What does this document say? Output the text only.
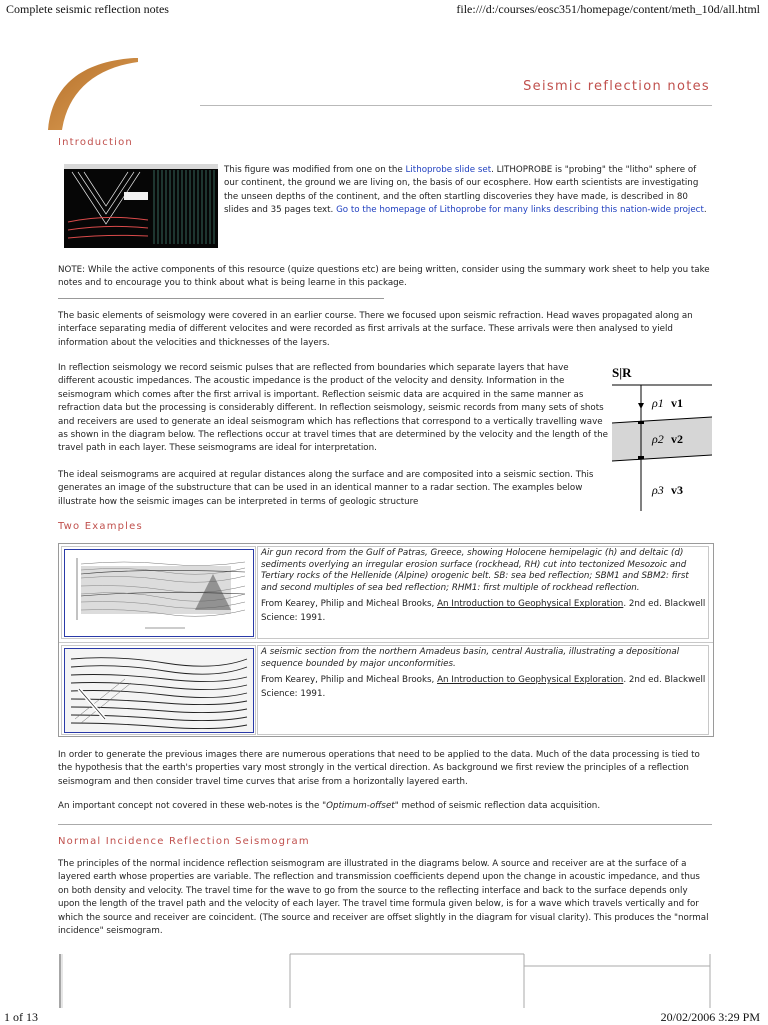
Complete seismic reflection notes	file:///d:/courses/eosc351/homepage/content/meth_10d/all.html
1 of 13	20/02/2006 3:29 PM
Seismic reflection notes
Introduction
This figure was modified from one on the Lithoprobe slide set. LITHOPROBE is "probing" the "litho" sphere of our continent, the ground we are living on, the basis of our ecosphere. How earth scientists are investigating the unseen depths of the continent, and the often startling discoveries they have made, is described in 80 slides and 35 pages text. Go to the homepage of Lithoprobe for many links describing this nation-wide project.
NOTE: While the active components of this resource (quize questions etc) are being written, consider using the summary work sheet to help you take notes and to encourage you to think about what is being learne in this package.
The basic elements of seismology were covered in an earlier course. There we focused upon seismic refraction. Head waves propagated along an interface separating media of different velocites and were recorded as first arrivals at the surface. These arrivals were then analysed to yield information about the velocities and thicknesses of the layers.
In reflection seismology we record seismic pulses that are reflected from boundaries which separate layers that have different acoustic impedances. The acoustic impedance is the product of the velocity and density. Information in the seismogram which comes after the first arrival is important. Reflection seismic data are acquired in the same manner as refraction data but the processing is considerably different. In reflection seismology, seismic records from many sets of shots and receivers are used to generate an ideal seismogram which has reflections that correspond to a vertically travelling wave as shown in the diagram below. The reflections occur at travel times that are determined by the velocity and the length of the travel path in each layer. These seismograms are ideal for interpretation.
The ideal seismograms are acquired at regular distances along the surface and are composited into a seismic section. This generates an image of the substructure that can be used in an identical manner to a radar section. The examples below illustrate how the seismic images can be interpreted in terms of geologic structure
S|R
ρ1 v1
ρ2 v2
ρ3 v3
Two Examples
Air gun record from the Gulf of Patras, Greece, showing Holocene hemipelagic (h) and deltaic (d) sediments overlying an irregular erosion surface (rockhead, RH) cut into tectonized Mesozoic and Tertiary rocks of the Hellenide (Alpine) orogenic belt. SB: sea bed reflection; SBM1 and SBM2: first and second multiples of sea bed reflection; RHM1: first multiple of rockhead reflection.
From Kearey, Philip and Micheal Brooks, An Introduction to Geophysical Exploration. 2nd ed. Blackwell Science: 1991.
A seismic section from the northern Amadeus basin, central Australia, illustrating a depositional sequence bounded by major unconformities.
From Kearey, Philip and Micheal Brooks, An Introduction to Geophysical Exploration. 2nd ed. Blackwell Science: 1991.
In order to generate the previous images there are numerous operations that need to be applied to the data. Much of the data processing is tied to the hypothesis that the earth's properties vary most strongly in the vertical direction. As background we first review the principles of a reflection seismogram and then consider travel time curves that arise from a horizontally layered earth.
An important concept not covered in these web-notes is the "Optimum-offset" method of seismic reflection data acquisition.
Normal Incidence Reflection Seismogram
The principles of the normal incidence reflection seismogram are illustrated in the diagrams below. A source and receiver are at the surface of a layered earth whose properties are variable. The reflection and transmission coefficients depend upon the change in acoustic impedance, and thus on both density and velocity. The travel time for the wave to go from the source to the reflecting interface and back to the surface depends only upon the length of the travel path and the velocity of each layer. The travel time formula given below, is for a wave which travels vertically and for which the source and receiver are coincident. (The source and receiver are offset slightly in the diagram for visual clarity). This produces the "normal incidence" seismogram.
